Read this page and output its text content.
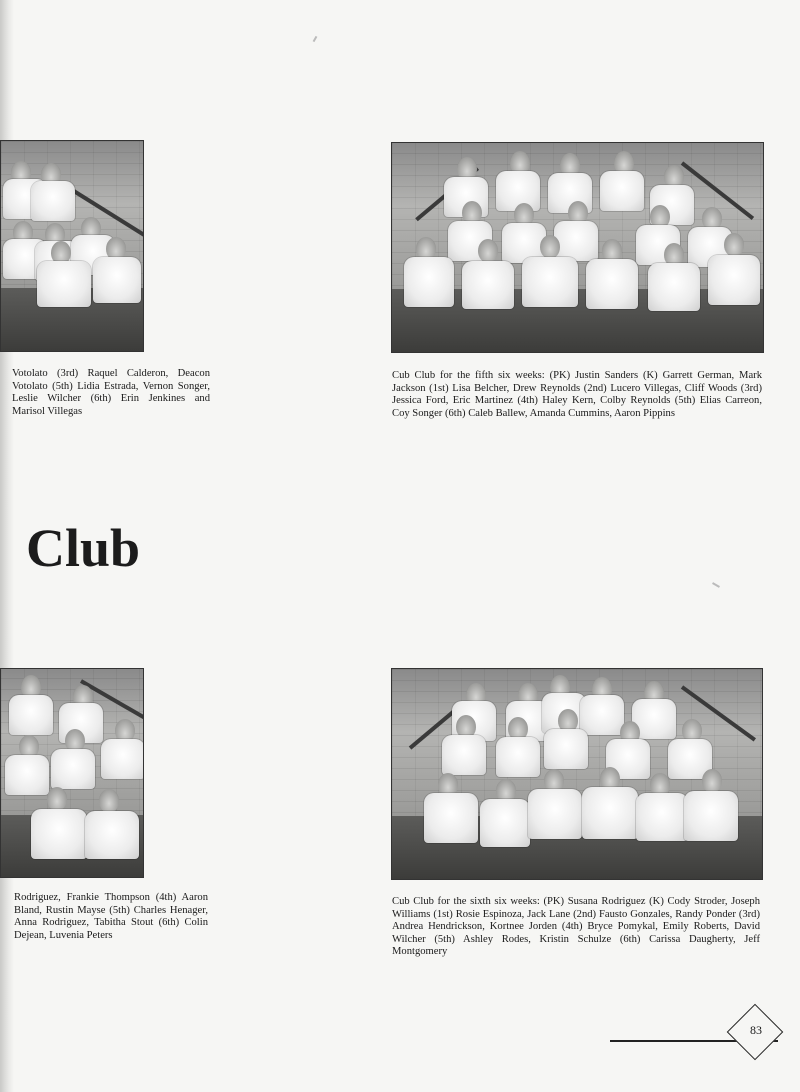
Votolato (3rd) Raquel Calderon, Deacon Votolato (5th) Lidia Estrada, Vernon Songer, Leslie Wilcher (6th) Erin Jenkines and Marisol Villegas

Cub Club for the fifth six weeks: (PK) Justin Sanders (K) Garrett German, Mark Jackson (1st) Lisa Belcher, Drew Reynolds (2nd) Lucero Villegas, Cliff Woods (3rd) Jessica Ford, Eric Martinez (4th) Haley Kern, Colby Reynolds (5th) Elias Carreon, Coy Songer (6th) Caleb Ballew, Amanda Cummins, Aaron Pippins

Club

Rodriguez, Frankie Thompson (4th) Aaron Bland, Rustin Mayse (5th) Charles Henager, Anna Rodriguez, Tabitha Stout (6th) Colin Dejean, Luvenia Peters

Cub Club for the sixth six weeks: (PK) Susana Rodriguez (K) Cody Stroder, Joseph Williams (1st) Rosie Espinoza, Jack Lane (2nd) Fausto Gonzales, Randy Ponder (3rd) Andrea Hendrickson, Kortnee Jorden (4th) Bryce Pomykal, Emily Roberts, David Wilcher (5th) Ashley Rodes, Kristin Schulze (6th) Carissa Daugherty, Jeff Montgomery

83
